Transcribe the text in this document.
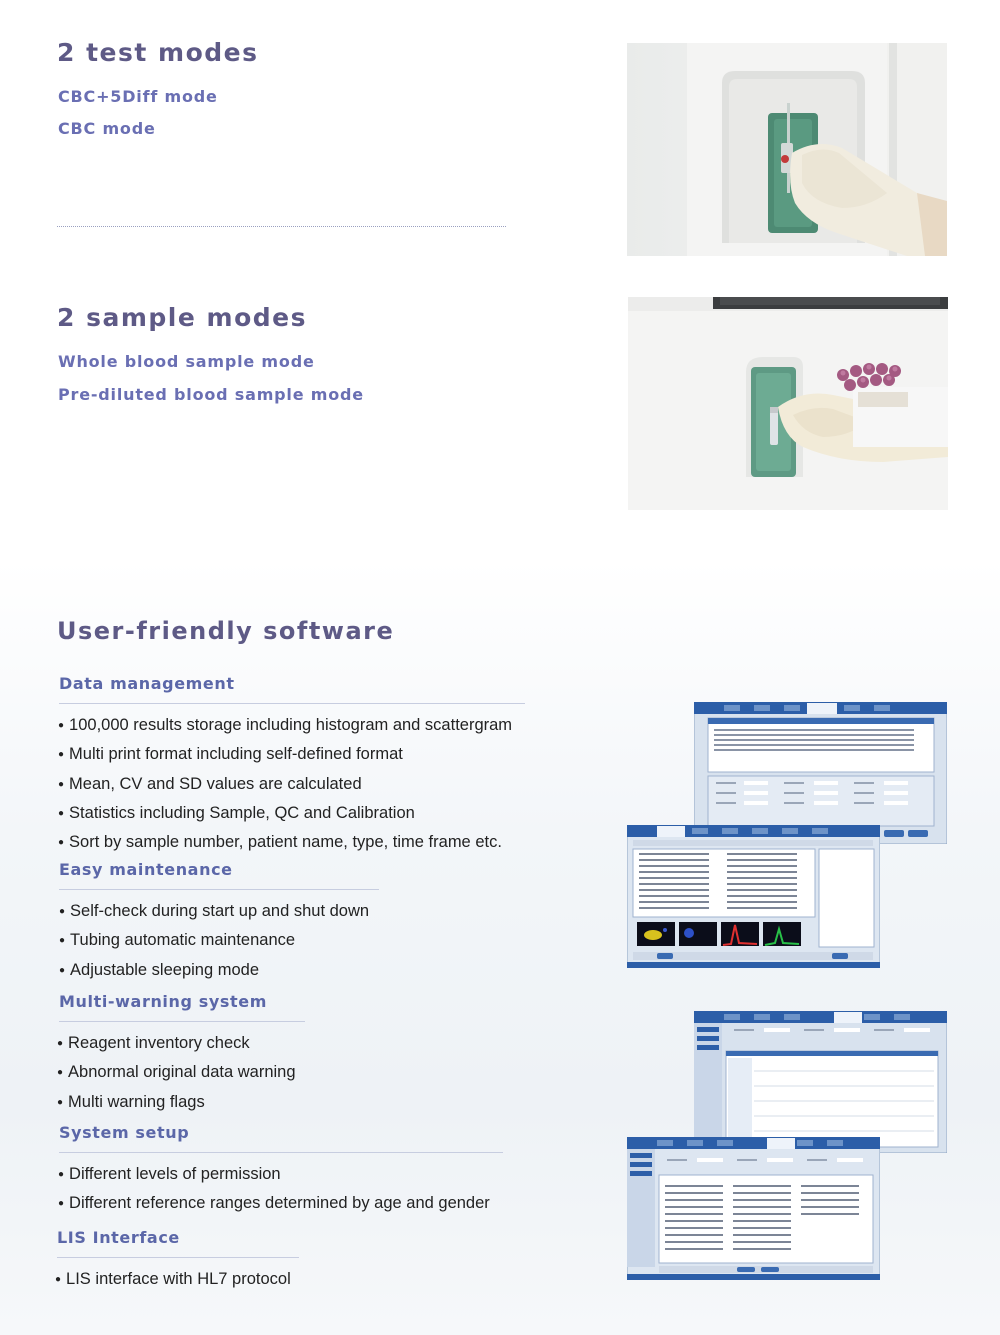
2 test modes

CBC+5Diff mode

CBC mode

2 sample modes

Whole blood sample mode

Pre-diluted blood sample mode

User-friendly software
Data management
● 100,000 results storage including histogram and scattergram
● Multi print format including self-defined format
● Mean, CV and SD values are calculated
● Statistics including Sample, QC and Calibration
● Sort by sample number, patient name, type, time frame etc.
Easy maintenance
● Self-check during start up and shut down
● Tubing automatic maintenance
● Adjustable sleeping mode
Multi-warning system
● Reagent inventory check
● Abnormal original data warning
● Multi warning flags
System setup
● Different levels of permission
● Different reference ranges determined by age and gender
LIS Interface
● LIS interface with HL7 protocol
